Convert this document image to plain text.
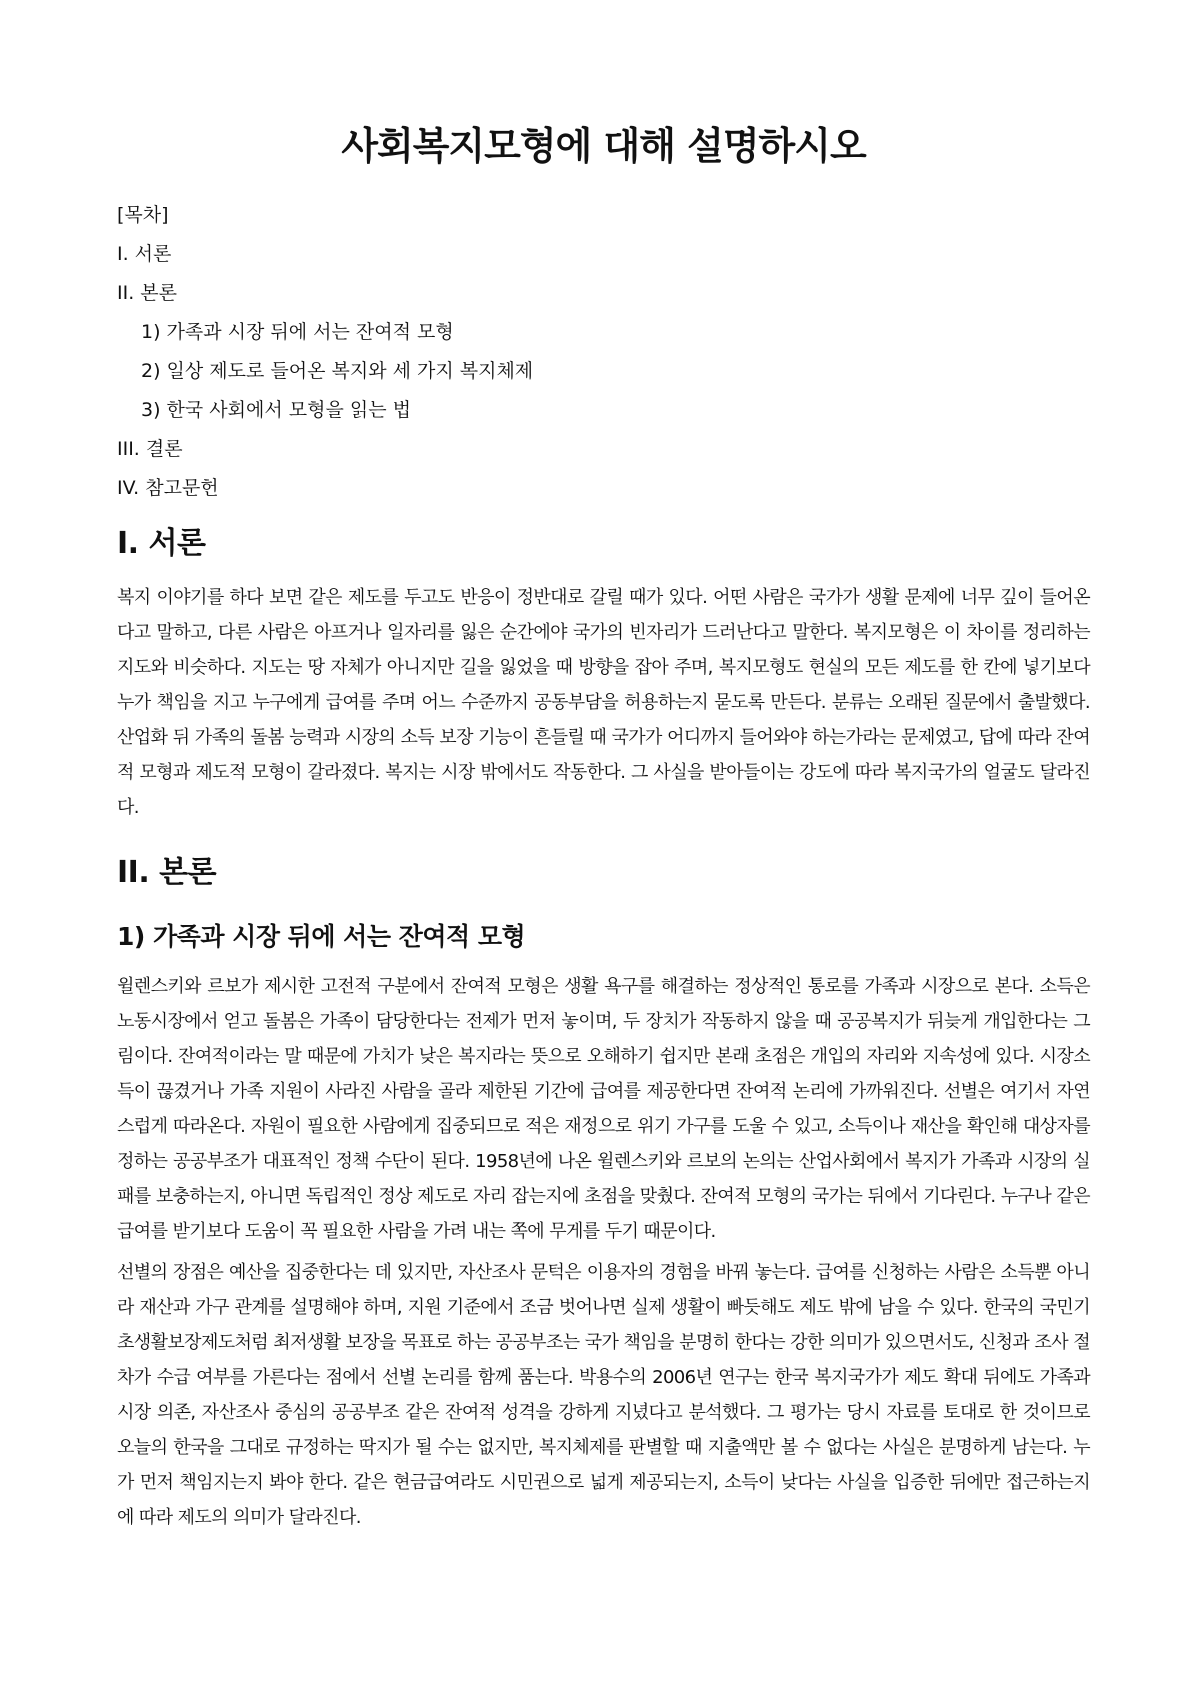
사회복지모형에 대해 설명하시오
[목차]
I. 서론
II. 본론
1) 가족과 시장 뒤에 서는 잔여적 모형
2) 일상 제도로 들어온 복지와 세 가지 복지체제
3) 한국 사회에서 모형을 읽는 법
III. 결론
IV. 참고문헌
I. 서론

복지 이야기를 하다 보면 같은 제도를 두고도 반응이 정반대로 갈릴 때가 있다. 어떤 사람은 국가가 생활 문제에 너무 깊이 들어온다고 말하고, 다른 사람은 아프거나 일자리를 잃은 순간에야 국가의 빈자리가 드러난다고 말한다. 복지모형은 이 차이를 정리하는 지도와 비슷하다. 지도는 땅 자체가 아니지만 길을 잃었을 때 방향을 잡아 주며, 복지모형도 현실의 모든 제도를 한 칸에 넣기보다 누가 책임을 지고 누구에게 급여를 주며 어느 수준까지 공동부담을 허용하는지 묻도록 만든다. 분류는 오래된 질문에서 출발했다. 산업화 뒤 가족의 돌봄 능력과 시장의 소득 보장 기능이 흔들릴 때 국가가 어디까지 들어와야 하는가라는 문제였고, 답에 따라 잔여적 모형과 제도적 모형이 갈라졌다. 복지는 시장 밖에서도 작동한다. 그 사실을 받아들이는 강도에 따라 복지국가의 얼굴도 달라진다.

II. 본론
1) 가족과 시장 뒤에 서는 잔여적 모형

윌렌스키와 르보가 제시한 고전적 구분에서 잔여적 모형은 생활 욕구를 해결하는 정상적인 통로를 가족과 시장으로 본다. 소득은 노동시장에서 얻고 돌봄은 가족이 담당한다는 전제가 먼저 놓이며, 두 장치가 작동하지 않을 때 공공복지가 뒤늦게 개입한다는 그림이다. 잔여적이라는 말 때문에 가치가 낮은 복지라는 뜻으로 오해하기 쉽지만 본래 초점은 개입의 자리와 지속성에 있다. 시장소득이 끊겼거나 가족 지원이 사라진 사람을 골라 제한된 기간에 급여를 제공한다면 잔여적 논리에 가까워진다. 선별은 여기서 자연스럽게 따라온다. 자원이 필요한 사람에게 집중되므로 적은 재정으로 위기 가구를 도울 수 있고, 소득이나 재산을 확인해 대상자를 정하는 공공부조가 대표적인 정책 수단이 된다. 1958년에 나온 윌렌스키와 르보의 논의는 산업사회에서 복지가 가족과 시장의 실패를 보충하는지, 아니면 독립적인 정상 제도로 자리 잡는지에 초점을 맞췄다. 잔여적 모형의 국가는 뒤에서 기다린다. 누구나 같은 급여를 받기보다 도움이 꼭 필요한 사람을 가려 내는 쪽에 무게를 두기 때문이다.

선별의 장점은 예산을 집중한다는 데 있지만, 자산조사 문턱은 이용자의 경험을 바꿔 놓는다. 급여를 신청하는 사람은 소득뿐 아니라 재산과 가구 관계를 설명해야 하며, 지원 기준에서 조금 벗어나면 실제 생활이 빠듯해도 제도 밖에 남을 수 있다. 한국의 국민기초생활보장제도처럼 최저생활 보장을 목표로 하는 공공부조는 국가 책임을 분명히 한다는 강한 의미가 있으면서도, 신청과 조사 절차가 수급 여부를 가른다는 점에서 선별 논리를 함께 품는다. 박용수의 2006년 연구는 한국 복지국가가 제도 확대 뒤에도 가족과 시장 의존, 자산조사 중심의 공공부조 같은 잔여적 성격을 강하게 지녔다고 분석했다. 그 평가는 당시 자료를 토대로 한 것이므로 오늘의 한국을 그대로 규정하는 딱지가 될 수는 없지만, 복지체제를 판별할 때 지출액만 볼 수 없다는 사실은 분명하게 남는다. 누가 먼저 책임지는지 봐야 한다. 같은 현금급여라도 시민권으로 넓게 제공되는지, 소득이 낮다는 사실을 입증한 뒤에만 접근하는지에 따라 제도의 의미가 달라진다.
